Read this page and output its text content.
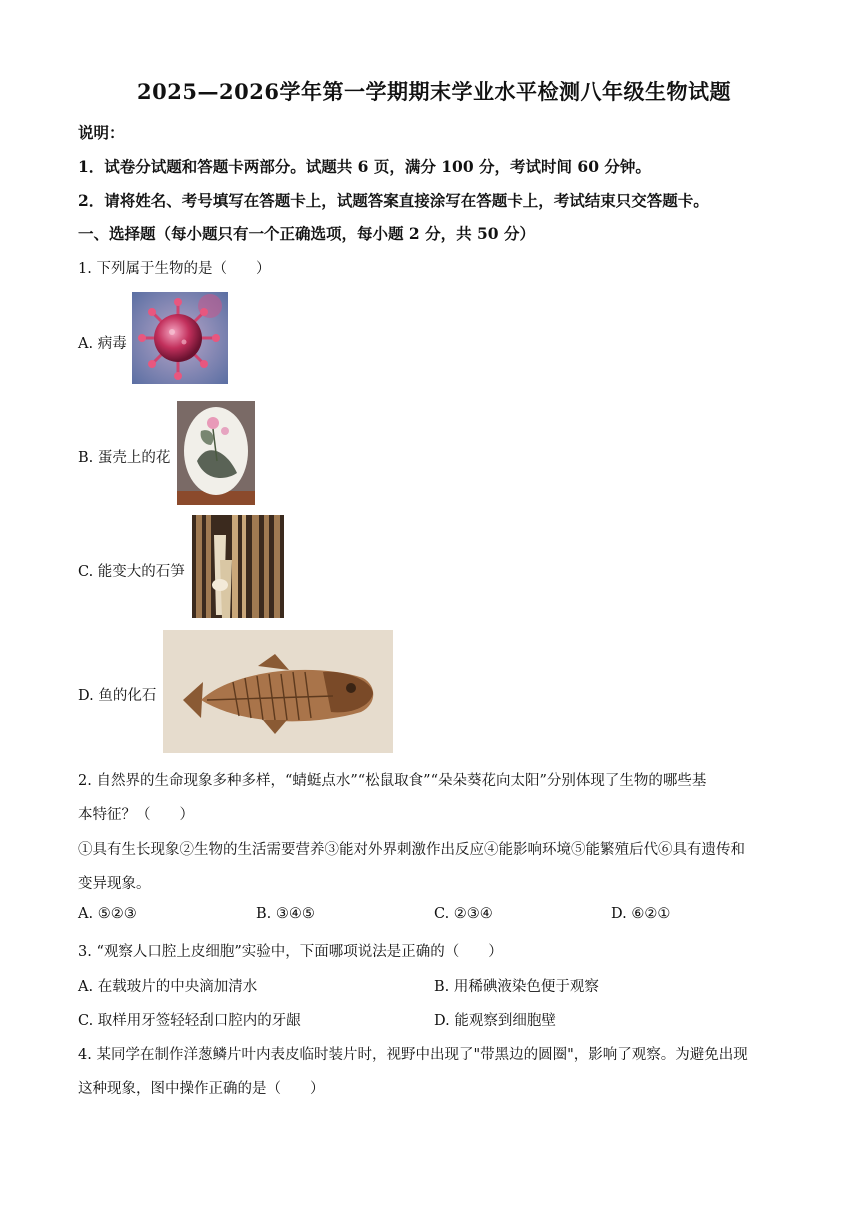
2025—2026学年第一学期期末学业水平检测八年级生物试题
说明：
1．试卷分试题和答题卡两部分。试题共 6 页，满分 100 分，考试时间 60 分钟。
2．请将姓名、考号填写在答题卡上，试题答案直接涂写在答题卡上，考试结束只交答题卡。
一、选择题（每小题只有一个正确选项，每小题 2 分，共 50 分）
1. 下列属于生物的是（　　）
A. 病毒
B. 蛋壳上的花
C. 能变大的石笋
D. 鱼的化石
2. 自然界的生命现象多种多样，“蜻蜓点水”“松鼠取食”“朵朵葵花向太阳”分别体现了生物的哪些基
本特征？（　　）
①具有生长现象②生物的生活需要营养③能对外界刺激作出反应④能影响环境⑤能繁殖后代⑥具有遗传和
变异现象。
A. ⑤②③	B. ③④⑤	C. ②③④	D. ⑥②①
3. “观察人口腔上皮细胞”实验中，下面哪项说法是正确的（　　）
A. 在载玻片的中央滴加清水	B. 用稀碘液染色便于观察
C. 取样用牙签轻轻刮口腔内的牙龈	D. 能观察到细胞壁
4. 某同学在制作洋葱鳞片叶内表皮临时装片时，视野中出现了"带黑边的圆圈"，影响了观察。为避免出现
这种现象，图中操作正确的是（　　）
